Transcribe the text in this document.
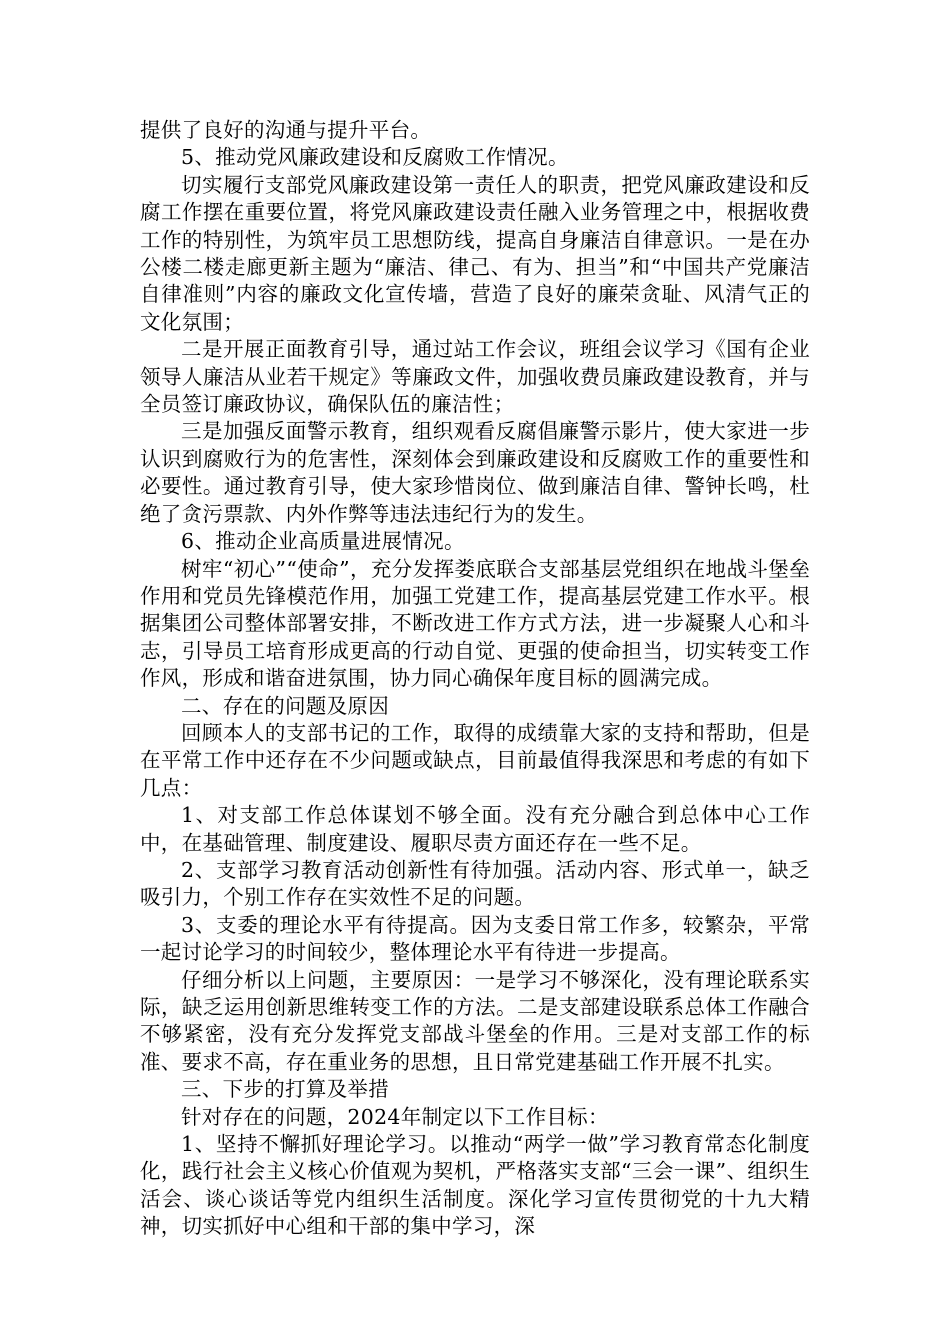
提供了良好的沟通与提升平台。

5、推动党风廉政建设和反腐败工作情况。

切实履行支部党风廉政建设第一责任人的职责，把党风廉政建设和反腐工作摆在重要位置，将党风廉政建设责任融入业务管理之中，根据收费工作的特别性，为筑牢员工思想防线，提高自身廉洁自律意识。一是在办公楼二楼走廊更新主题为“廉洁、律己、有为、担当”和“中国共产党廉洁自律准则”内容的廉政文化宣传墙，营造了良好的廉荣贪耻、风清气正的文化氛围；

二是开展正面教育引导，通过站工作会议，班组会议学习《国有企业领导人廉洁从业若干规定》等廉政文件，加强收费员廉政建设教育，并与全员签订廉政协议，确保队伍的廉洁性；

三是加强反面警示教育，组织观看反腐倡廉警示影片，使大家进一步认识到腐败行为的危害性，深刻体会到廉政建设和反腐败工作的重要性和必要性。通过教育引导，使大家珍惜岗位、做到廉洁自律、警钟长鸣，杜绝了贪污票款、内外作弊等违法违纪行为的发生。

6、推动企业高质量进展情况。

树牢“初心”“使命”，充分发挥娄底联合支部基层党组织在地战斗堡垒作用和党员先锋模范作用，加强工党建工作，提高基层党建工作水平。根据集团公司整体部署安排，不断改进工作方式方法，进一步凝聚人心和斗志，引导员工培育形成更高的行动自觉、更强的使命担当，切实转变工作作风，形成和谐奋进氛围，协力同心确保年度目标的圆满完成。

二、存在的问题及原因

回顾本人的支部书记的工作，取得的成绩靠大家的支持和帮助，但是在平常工作中还存在不少问题或缺点，目前最值得我深思和考虑的有如下几点：

1、对支部工作总体谋划不够全面。没有充分融合到总体中心工作中，在基础管理、制度建设、履职尽责方面还存在一些不足。

2、支部学习教育活动创新性有待加强。活动内容、形式单一，缺乏吸引力，个别工作存在实效性不足的问题。

3、支委的理论水平有待提高。因为支委日常工作多，较繁杂，平常一起讨论学习的时间较少，整体理论水平有待进一步提高。

仔细分析以上问题，主要原因：一是学习不够深化，没有理论联系实际，缺乏运用创新思维转变工作的方法。二是支部建设联系总体工作融合不够紧密，没有充分发挥党支部战斗堡垒的作用。三是对支部工作的标准、要求不高，存在重业务的思想，且日常党建基础工作开展不扎实。

三、下步的打算及举措

针对存在的问题，2024年制定以下工作目标：

1、坚持不懈抓好理论学习。以推动“两学一做”学习教育常态化制度化，践行社会主义核心价值观为契机，严格落实支部“三会一课”、组织生活会、谈心谈话等党内组织生活制度。深化学习宣传贯彻党的十九大精神，切实抓好中心组和干部的集中学习，深
